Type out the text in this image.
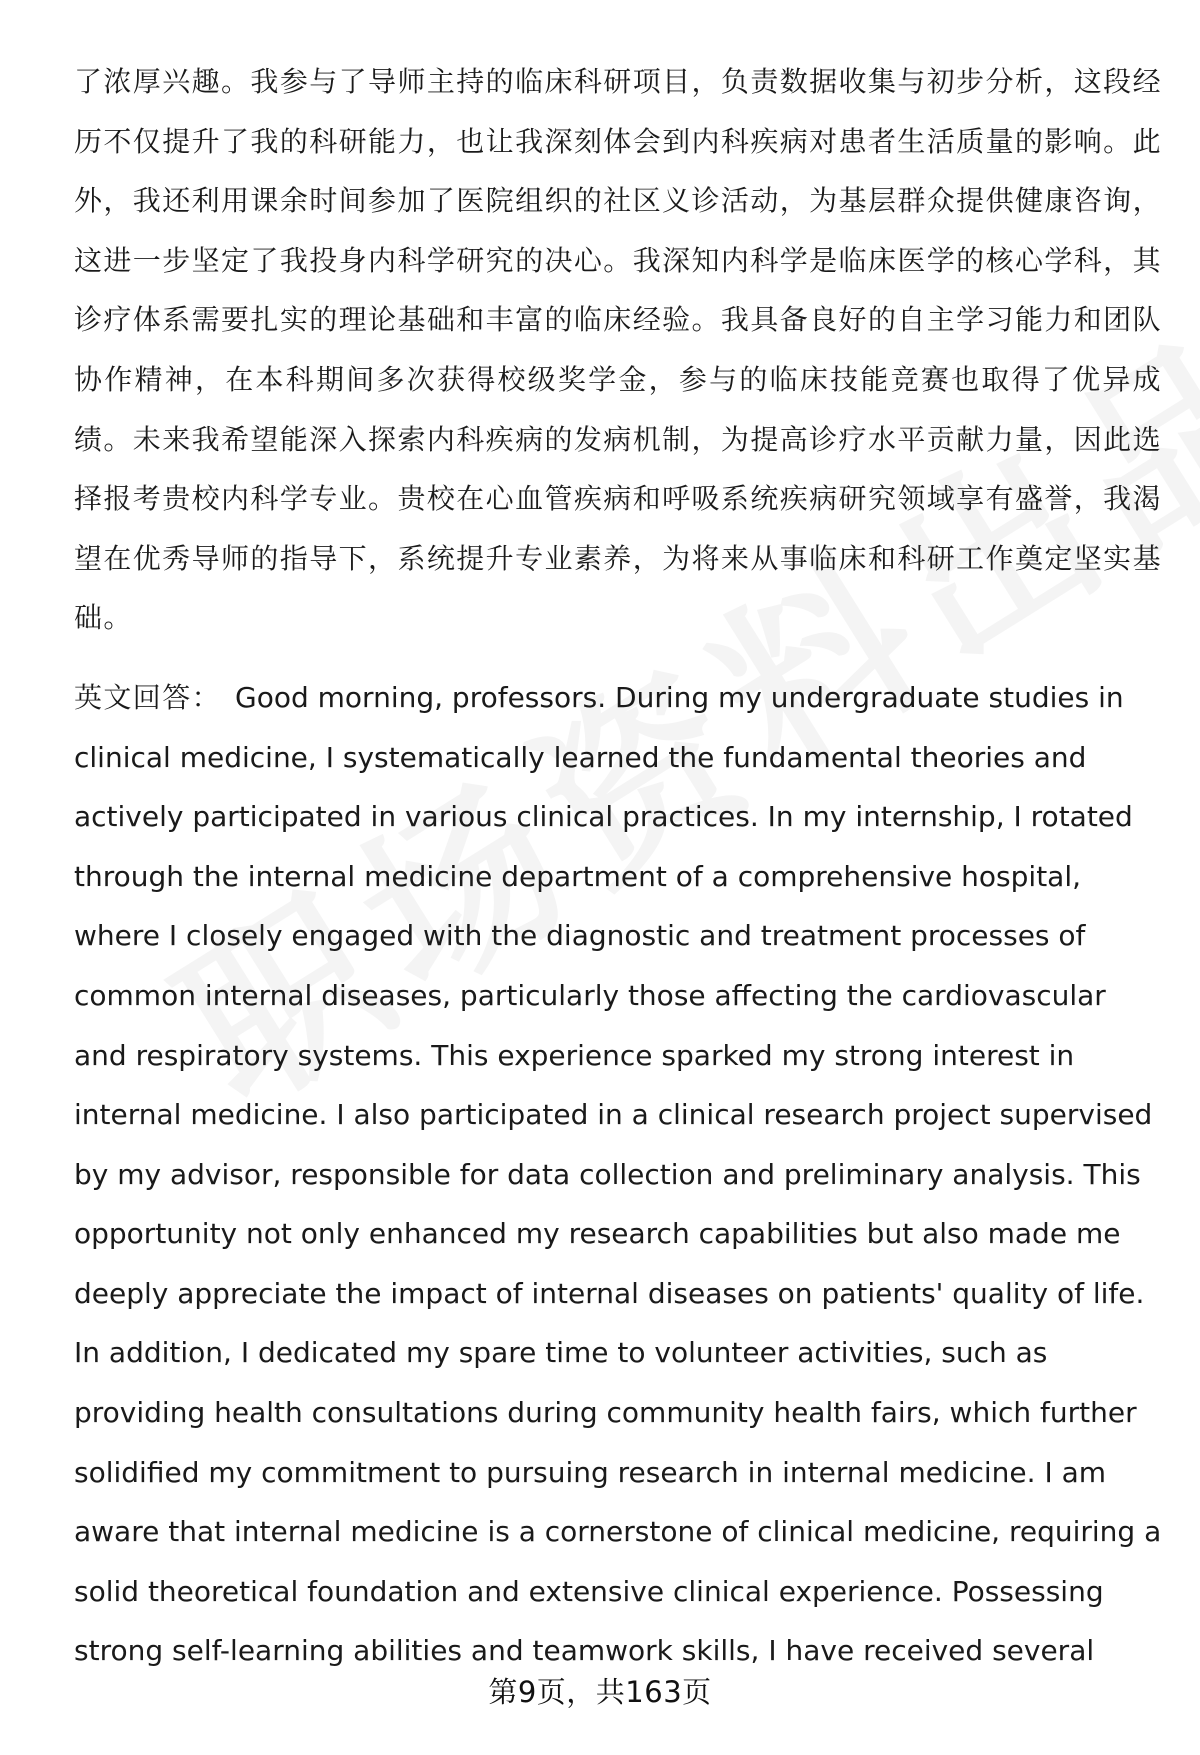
了浓厚兴趣。我参与了导师主持的临床科研项目，负责数据收集与初步分析，这段经历不仅提升了我的科研能力，也让我深刻体会到内科疾病对患者生活质量的影响。此外，我还利用课余时间参加了医院组织的社区义诊活动，为基层群众提供健康咨询，这进一步坚定了我投身内科学研究的决心。我深知内科学是临床医学的核心学科，其诊疗体系需要扎实的理论基础和丰富的临床经验。我具备良好的自主学习能力和团队协作精神，在本科期间多次获得校级奖学金，参与的临床技能竞赛也取得了优异成绩。未来我希望能深入探索内科疾病的发病机制，为提高诊疗水平贡献力量，因此选择报考贵校内科学专业。贵校在心血管疾病和呼吸系统疾病研究领域享有盛誉，我渴望在优秀导师的指导下，系统提升专业素养，为将来从事临床和科研工作奠定坚实基础。

英文回答： Good morning, professors. During my undergraduate studies in clinical medicine, I systematically learned the fundamental theories and actively participated in various clinical practices. In my internship, I rotated through the internal medicine department of a comprehensive hospital, where I closely engaged with the diagnostic and treatment processes of common internal diseases, particularly those affecting the cardiovascular and respiratory systems. This experience sparked my strong interest in internal medicine. I also participated in a clinical research project supervised by my advisor, responsible for data collection and preliminary analysis. This opportunity not only enhanced my research capabilities but also made me deeply appreciate the impact of internal diseases on patients' quality of life. In addition, I dedicated my spare time to volunteer activities, such as providing health consultations during community health fairs, which further solidified my commitment to pursuing research in internal medicine. I am aware that internal medicine is a cornerstone of clinical medicine, requiring a solid theoretical foundation and extensive clinical experience. Possessing strong self-learning abilities and teamwork skills, I have received several

第9页，共163页
